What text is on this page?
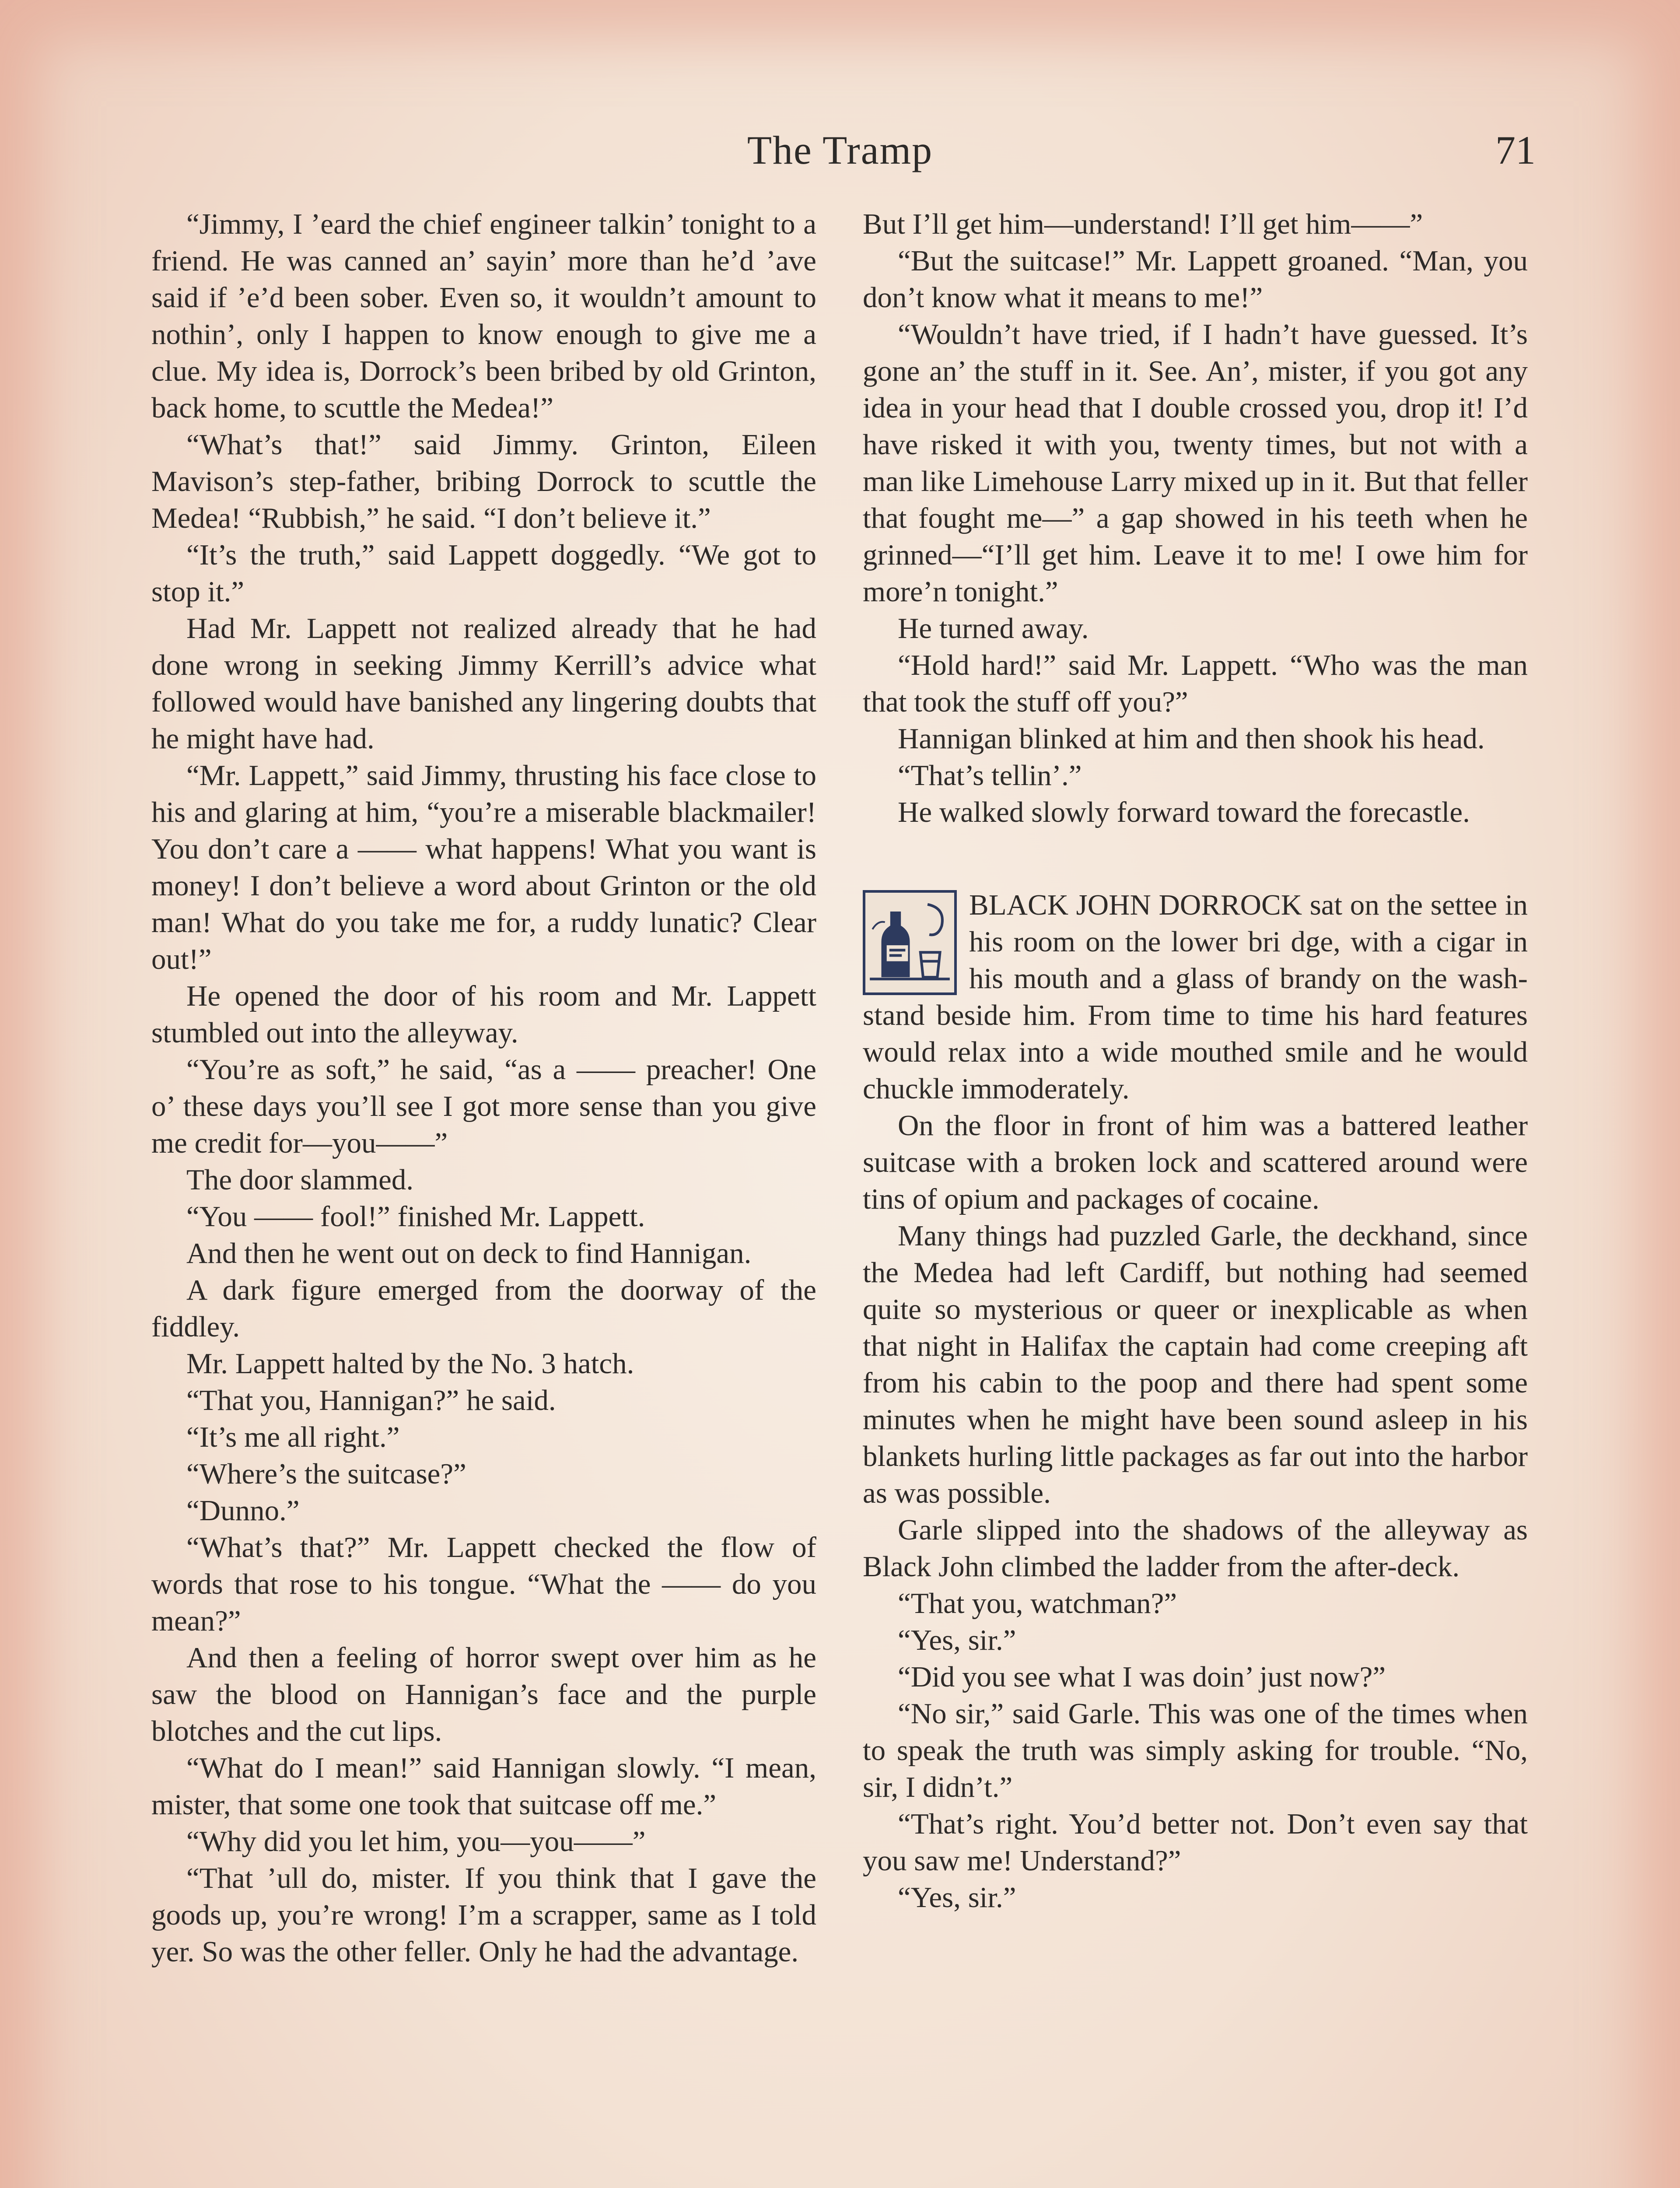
The Tramp	71

“Jimmy, I ’eard the chief engineer talkin’ tonight to a friend. He was canned an’ sayin’ more than he’d ’ave said if ’e’d been sober. Even so, it wouldn’t amount to nothin’, only I happen to know enough to give me a clue. My idea is, Dorrock’s been bribed by old Grinton, back home, to scuttle the Medea!”

“What’s that!” said Jimmy. Grinton, Eileen Mavison’s step-father, bribing Dorrock to scuttle the Medea! “Rubbish,” he said. “I don’t believe it.”

“It’s the truth,” said Lappett doggedly. “We got to stop it.”

Had Mr. Lappett not realized already that he had done wrong in seeking Jimmy Kerrill’s advice what followed would have banished any lingering doubts that he might have had.

“Mr. Lappett,” said Jimmy, thrusting his face close to his and glaring at him, “you’re a miserable blackmailer! You don’t care a —— what happens! What you want is money! I don’t believe a word about Grinton or the old man! What do you take me for, a ruddy lunatic? Clear out!”

He opened the door of his room and Mr. Lappett stumbled out into the alleyway.

“You’re as soft,” he said, “as a —— preacher! One o’ these days you’ll see I got more sense than you give me credit for—you——”

The door slammed.

“You —— fool!” finished Mr. Lappett.

And then he went out on deck to find Hannigan.

A dark figure emerged from the doorway of the fiddley.

Mr. Lappett halted by the No. 3 hatch.

“That you, Hannigan?” he said.

“It’s me all right.”

“Where’s the suitcase?”

“Dunno.”

“What’s that?” Mr. Lappett checked the flow of words that rose to his tongue. “What the —— do you mean?”

And then a feeling of horror swept over him as he saw the blood on Hannigan’s face and the purple blotches and the cut lips.

“What do I mean!” said Hannigan slowly. “I mean, mister, that some one took that suitcase off me.”

“Why did you let him, you—you——”

“That ’ull do, mister. If you think that I gave the goods up, you’re wrong! I’m a scrapper, same as I told yer. So was the other feller. Only he had the advantage.

But I’ll get him—understand! I’ll get him——”

“But the suitcase!” Mr. Lappett groaned. “Man, you don’t know what it means to me!”

“Wouldn’t have tried, if I hadn’t have guessed. It’s gone an’ the stuff in it. See. An’, mister, if you got any idea in your head that I double crossed you, drop it! I’d have risked it with you, twenty times, but not with a man like Limehouse Larry mixed up in it. But that feller that fought me—” a gap showed in his teeth when he grinned—“I’ll get him. Leave it to me! I owe him for more’n tonight.”

He turned away.

“Hold hard!” said Mr. Lappett. “Who was the man that took the stuff off you?”

Hannigan blinked at him and then shook his head.

“That’s tellin’.”

He walked slowly forward toward the forecastle.

BLACK JOHN DORROCK sat on the settee in his room on the lower bri dge, with a cigar in his mouth and a glass of brandy on the wash-stand beside him. From time to time his hard features would relax into a wide mouthed smile and he would chuckle immoderately.

On the floor in front of him was a battered leather suitcase with a broken lock and scattered around were tins of opium and packages of cocaine.

Many things had puzzled Garle, the deckhand, since the Medea had left Cardiff, but nothing had seemed quite so mysterious or queer or inexplicable as when that night in Halifax the captain had come creeping aft from his cabin to the poop and there had spent some minutes when he might have been sound asleep in his blankets hurling little packages as far out into the harbor as was possible.

Garle slipped into the shadows of the alleyway as Black John climbed the ladder from the after-deck.

“That you, watchman?”

“Yes, sir.”

“Did you see what I was doin’ just now?”

“No sir,” said Garle. This was one of the times when to speak the truth was simply asking for trouble. “No, sir, I didn’t.”

“That’s right. You’d better not. Don’t even say that you saw me! Understand?”

“Yes, sir.”
